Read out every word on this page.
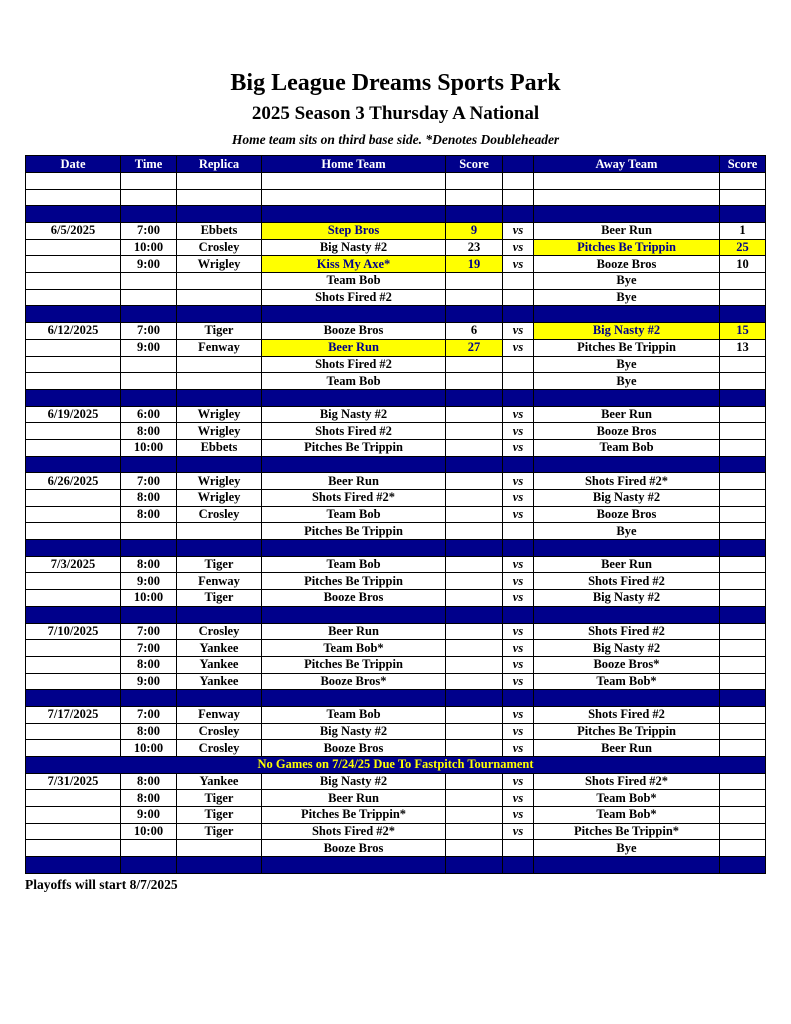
Big League Dreams Sports Park
2025 Season 3 Thursday A National
Home team sits on third base side. *Denotes Doubleheader
Date	Time	Replica	Home Team	Score		Away Team	Score

6/5/2025	7:00	Ebbets	Step Bros	9	vs	Beer Run	1
	10:00	Crosley	Big Nasty #2	23	vs	Pitches Be Trippin	25
	9:00	Wrigley	Kiss My Axe*	19	vs	Booze Bros	10
			Team Bob			Bye	
			Shots Fired #2			Bye	

6/12/2025	7:00	Tiger	Booze Bros	6	vs	Big Nasty #2	15
	9:00	Fenway	Beer Run	27	vs	Pitches Be Trippin	13
			Shots Fired #2			Bye	
			Team Bob			Bye	

6/19/2025	6:00	Wrigley	Big Nasty #2		vs	Beer Run	
	8:00	Wrigley	Shots Fired #2		vs	Booze Bros	
	10:00	Ebbets	Pitches Be Trippin		vs	Team Bob	

6/26/2025	7:00	Wrigley	Beer Run		vs	Shots Fired #2*	
	8:00	Wrigley	Shots Fired #2*		vs	Big Nasty #2	
	8:00	Crosley	Team Bob		vs	Booze Bros	
			Pitches Be Trippin			Bye	

7/3/2025	8:00	Tiger	Team Bob		vs	Beer Run	
	9:00	Fenway	Pitches Be Trippin		vs	Shots Fired #2	
	10:00	Tiger	Booze Bros		vs	Big Nasty #2	

7/10/2025	7:00	Crosley	Beer Run		vs	Shots Fired #2	
	7:00	Yankee	Team Bob*		vs	Big Nasty #2	
	8:00	Yankee	Pitches Be Trippin		vs	Booze Bros*	
	9:00	Yankee	Booze Bros*		vs	Team Bob*	

7/17/2025	7:00	Fenway	Team Bob		vs	Shots Fired #2	
	8:00	Crosley	Big Nasty #2		vs	Pitches Be Trippin	
	10:00	Crosley	Booze Bros		vs	Beer Run	
No Games on 7/24/25 Due To Fastpitch Tournament							
7/31/2025	8:00	Yankee	Big Nasty #2		vs	Shots Fired #2*	
	8:00	Tiger	Beer Run		vs	Team Bob*	
	9:00	Tiger	Pitches Be Trippin*		vs	Team Bob*	
	10:00	Tiger	Shots Fired #2*		vs	Pitches Be Trippin*	
			Booze Bros			Bye	

Playoffs will start 8/7/2025
